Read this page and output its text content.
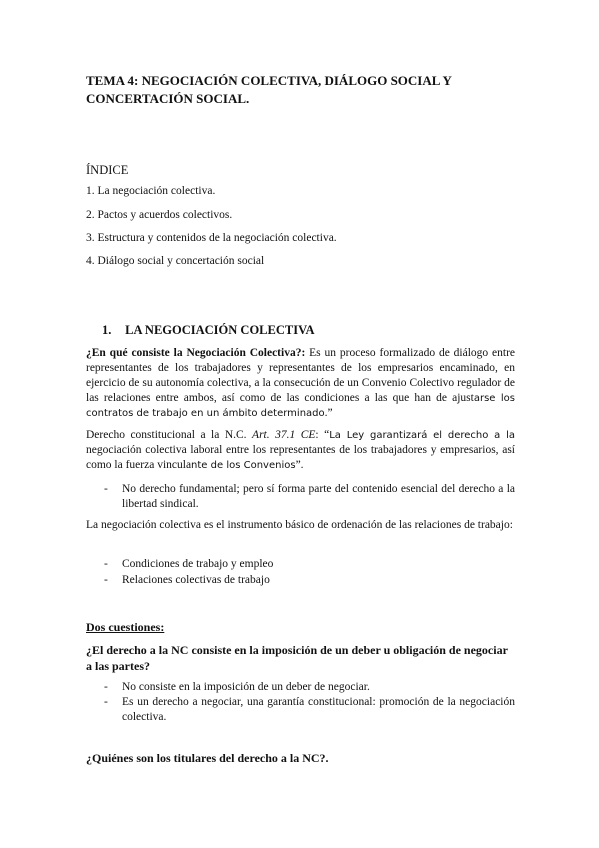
TEMA 4: NEGOCIACIÓN COLECTIVA, DIÁLOGO SOCIAL Y CONCERTACIÓN SOCIAL.
ÍNDICE
1. La negociación colectiva.
2. Pactos y acuerdos colectivos.
3. Estructura y contenidos de la negociación colectiva.
4. Diálogo social y concertación social
1. LA NEGOCIACIÓN COLECTIVA
¿En qué consiste la Negociación Colectiva?: Es un proceso formalizado de diálogo entre representantes de los trabajadores y representantes de los empresarios encaminado, en ejercicio de su autonomía colectiva, a la consecución de un Convenio Colectivo regulador de las relaciones entre ambos, así como de las condiciones a las que han de ajustarse los contratos de trabajo en un ámbito determinado.”
Derecho constitucional a la N.C. Art. 37.1 CE: “La Ley garantizará el derecho a la negociación colectiva laboral entre los representantes de los trabajadores y empresarios, así como la fuerza vinculante de los Convenios”.
- No derecho fundamental; pero sí forma parte del contenido esencial del derecho a la libertad sindical.
La negociación colectiva es el instrumento básico de ordenación de las relaciones de trabajo:
- Condiciones de trabajo y empleo
- Relaciones colectivas de trabajo
Dos cuestiones:
¿El derecho a la NC consiste en la imposición de un deber u obligación de negociar a las partes?
- No consiste en la imposición de un deber de negociar.
- Es un derecho a negociar, una garantía constitucional: promoción de la negociación colectiva.
¿Quiénes son los titulares del derecho a la NC?.
